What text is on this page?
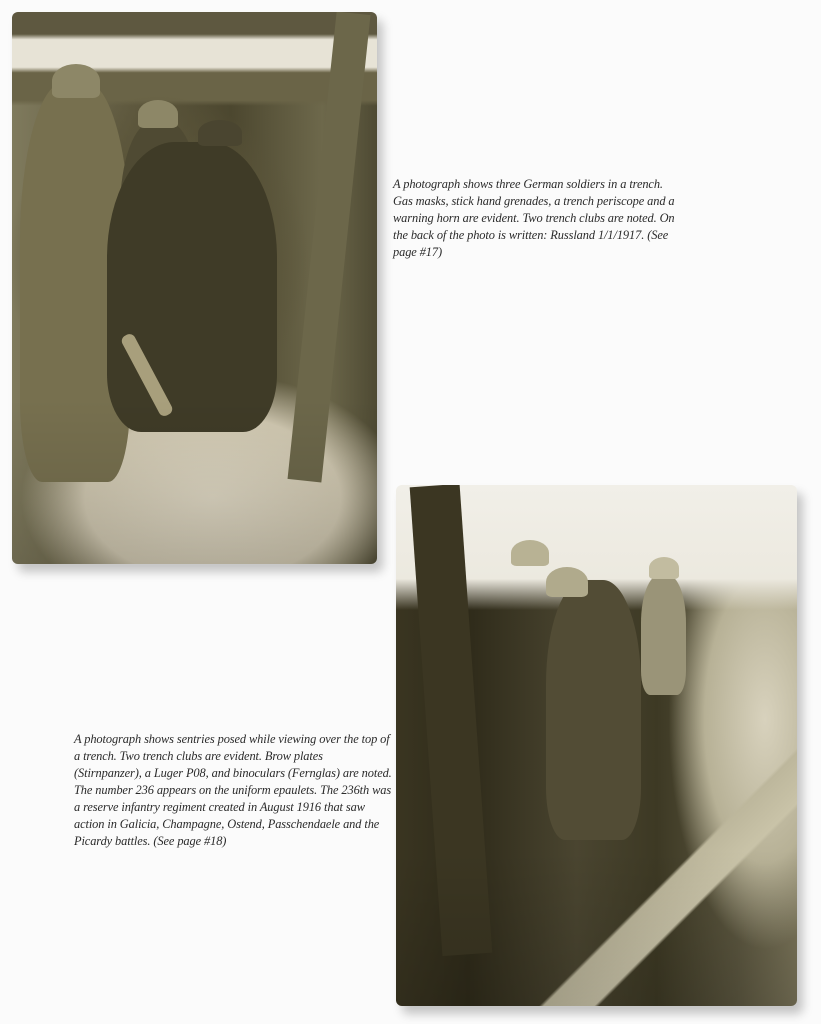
A photograph shows three German soldiers in a trench. Gas masks, stick hand grenades, a trench periscope and a warning horn are evident. Two trench clubs are noted. On the back of the photo is written: Russland 1/1/1917. (See page #17)

A photograph shows sentries posed while viewing over the top of a trench. Two trench clubs are evident. Brow plates (Stirnpanzer), a Luger P08, and binoculars (Fernglas) are noted. The number 236 appears on the uniform epaulets. The 236th was a reserve infantry regiment created in August 1916 that saw action in Galicia, Champagne, Ostend, Passchendaele and the Picardy battles. (See page #18)
